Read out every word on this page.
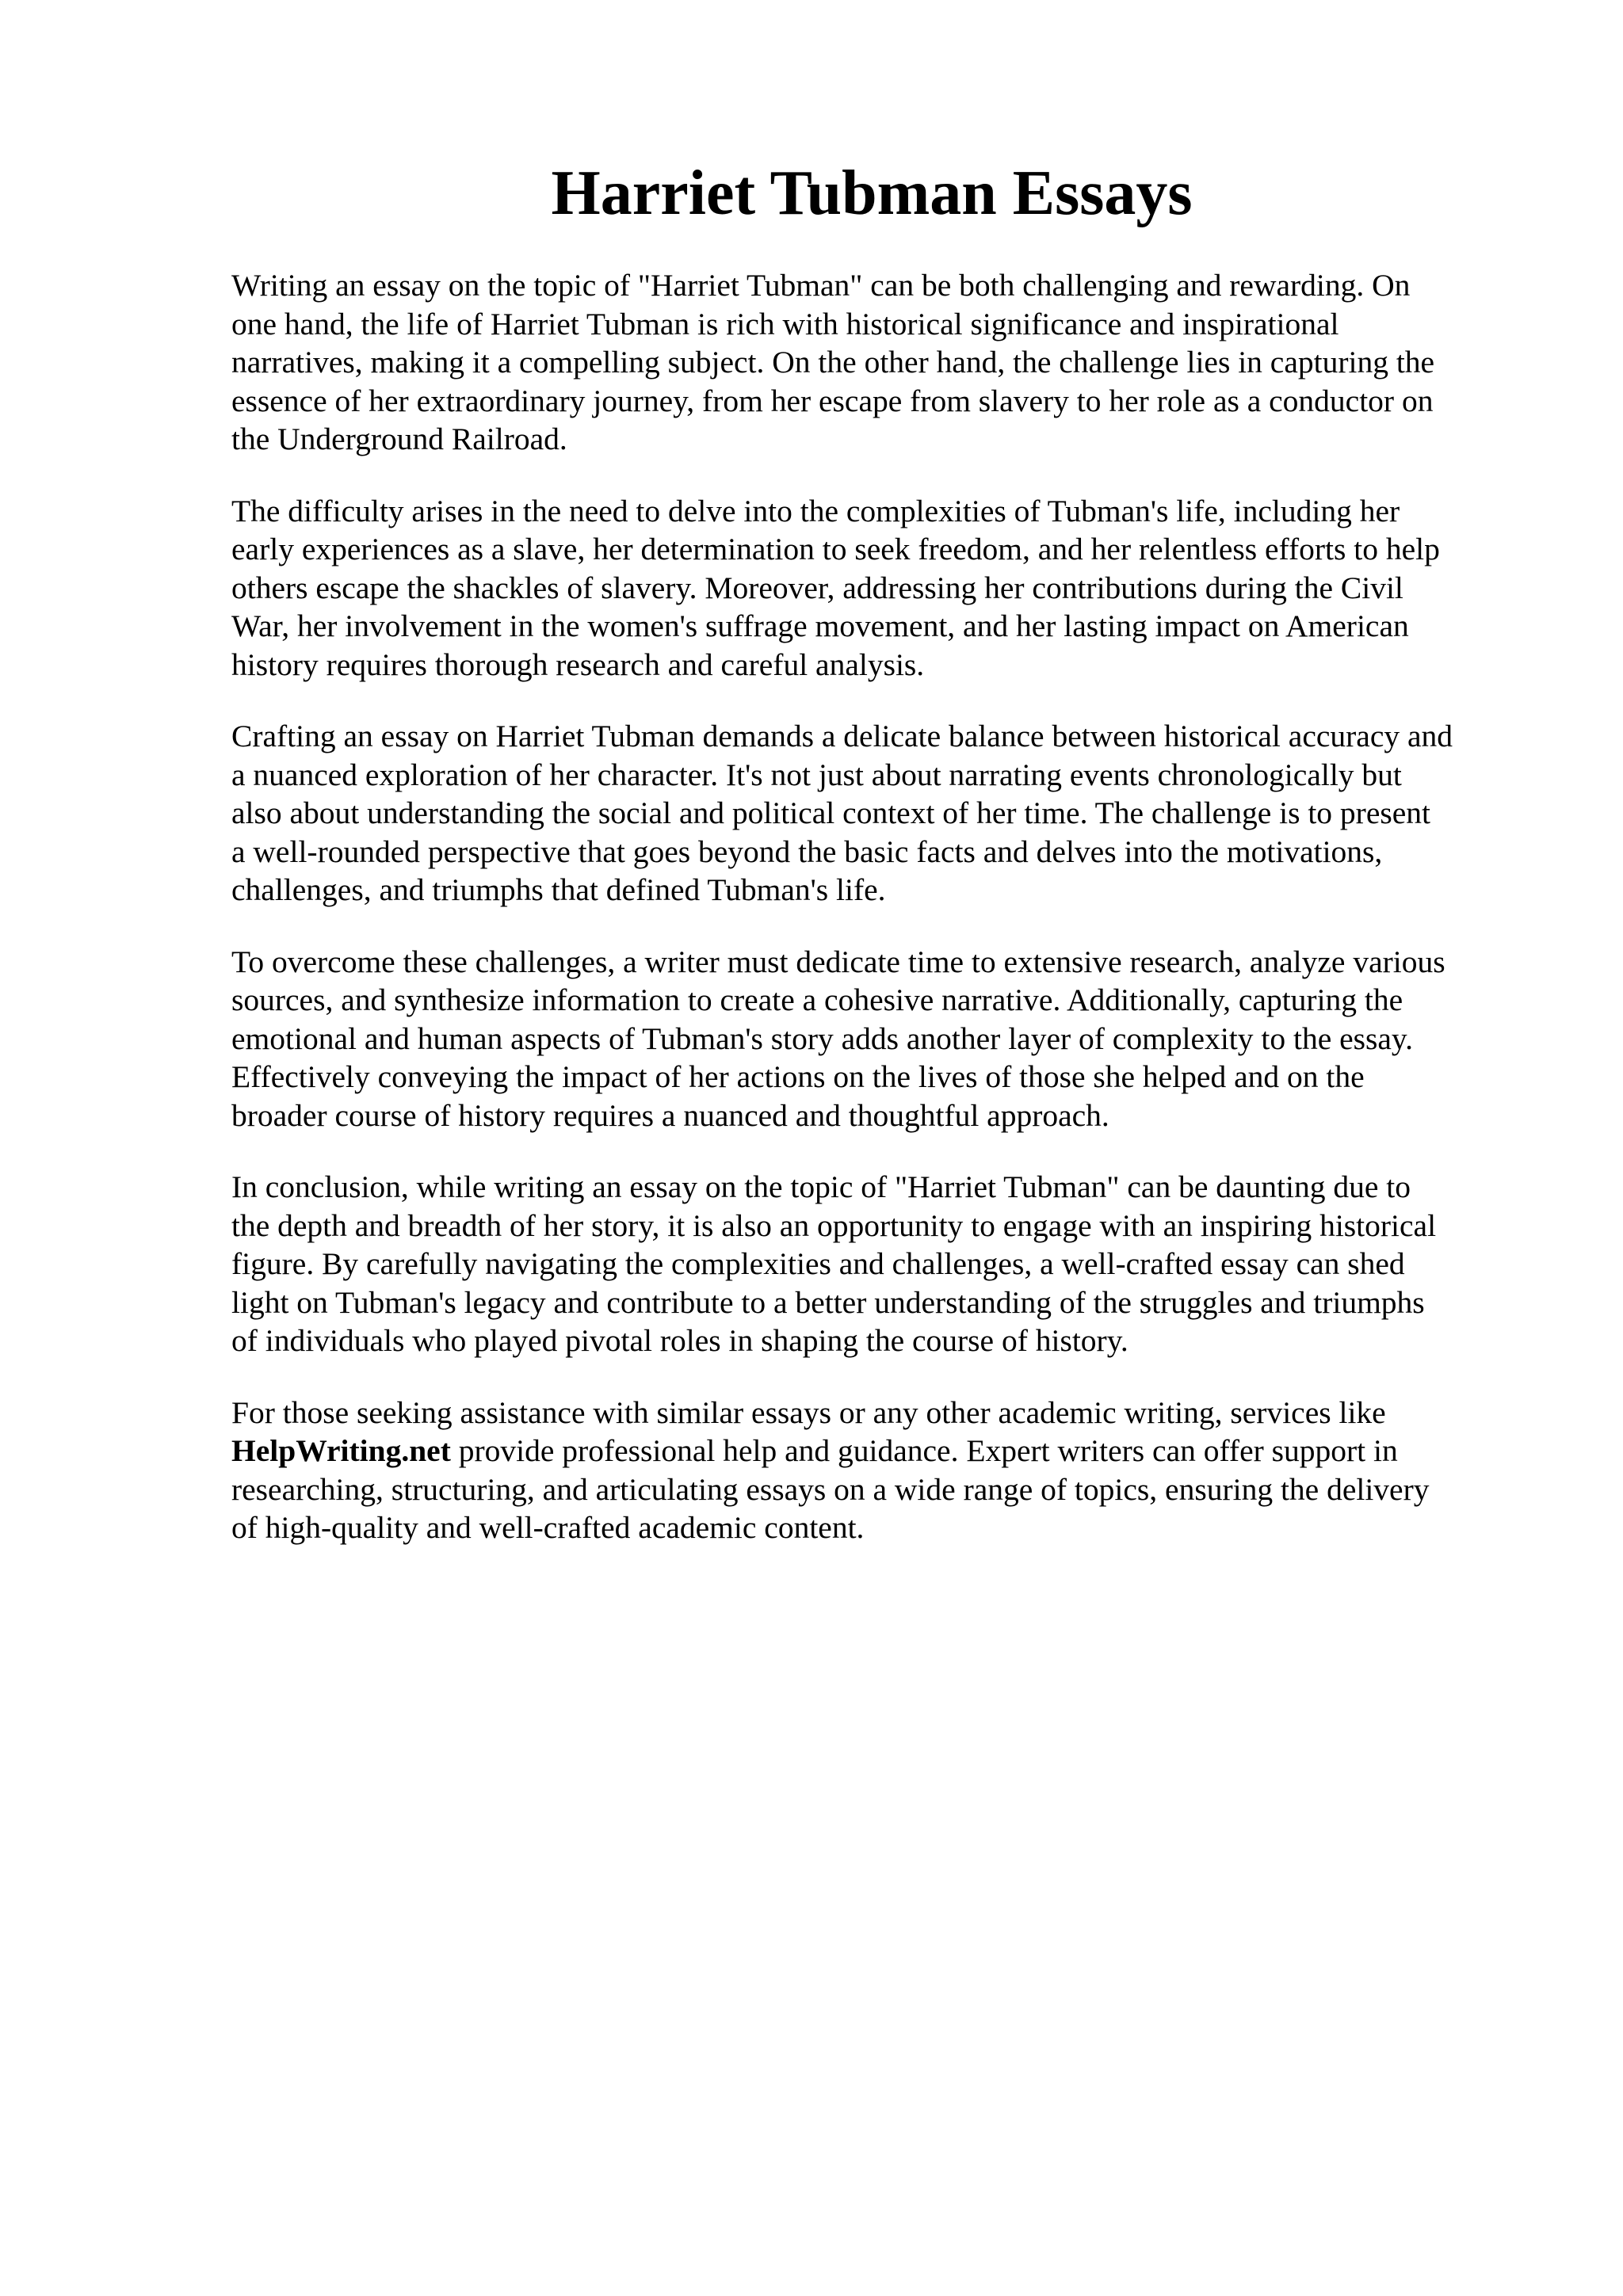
Harriet Tubman Essays

Writing an essay on the topic of "Harriet Tubman" can be both challenging and rewarding. On
one hand, the life of Harriet Tubman is rich with historical significance and inspirational
narratives, making it a compelling subject. On the other hand, the challenge lies in capturing the
essence of her extraordinary journey, from her escape from slavery to her role as a conductor on
the Underground Railroad.

The difficulty arises in the need to delve into the complexities of Tubman's life, including her
early experiences as a slave, her determination to seek freedom, and her relentless efforts to help
others escape the shackles of slavery. Moreover, addressing her contributions during the Civil
War, her involvement in the women's suffrage movement, and her lasting impact on American
history requires thorough research and careful analysis.

Crafting an essay on Harriet Tubman demands a delicate balance between historical accuracy and
a nuanced exploration of her character. It's not just about narrating events chronologically but
also about understanding the social and political context of her time. The challenge is to present
a well-rounded perspective that goes beyond the basic facts and delves into the motivations,
challenges, and triumphs that defined Tubman's life.

To overcome these challenges, a writer must dedicate time to extensive research, analyze various
sources, and synthesize information to create a cohesive narrative. Additionally, capturing the
emotional and human aspects of Tubman's story adds another layer of complexity to the essay.
Effectively conveying the impact of her actions on the lives of those she helped and on the
broader course of history requires a nuanced and thoughtful approach.

In conclusion, while writing an essay on the topic of "Harriet Tubman" can be daunting due to
the depth and breadth of her story, it is also an opportunity to engage with an inspiring historical
figure. By carefully navigating the complexities and challenges, a well-crafted essay can shed
light on Tubman's legacy and contribute to a better understanding of the struggles and triumphs
of individuals who played pivotal roles in shaping the course of history.

For those seeking assistance with similar essays or any other academic writing, services like
HelpWriting.net provide professional help and guidance. Expert writers can offer support in
researching, structuring, and articulating essays on a wide range of topics, ensuring the delivery
of high-quality and well-crafted academic content.
